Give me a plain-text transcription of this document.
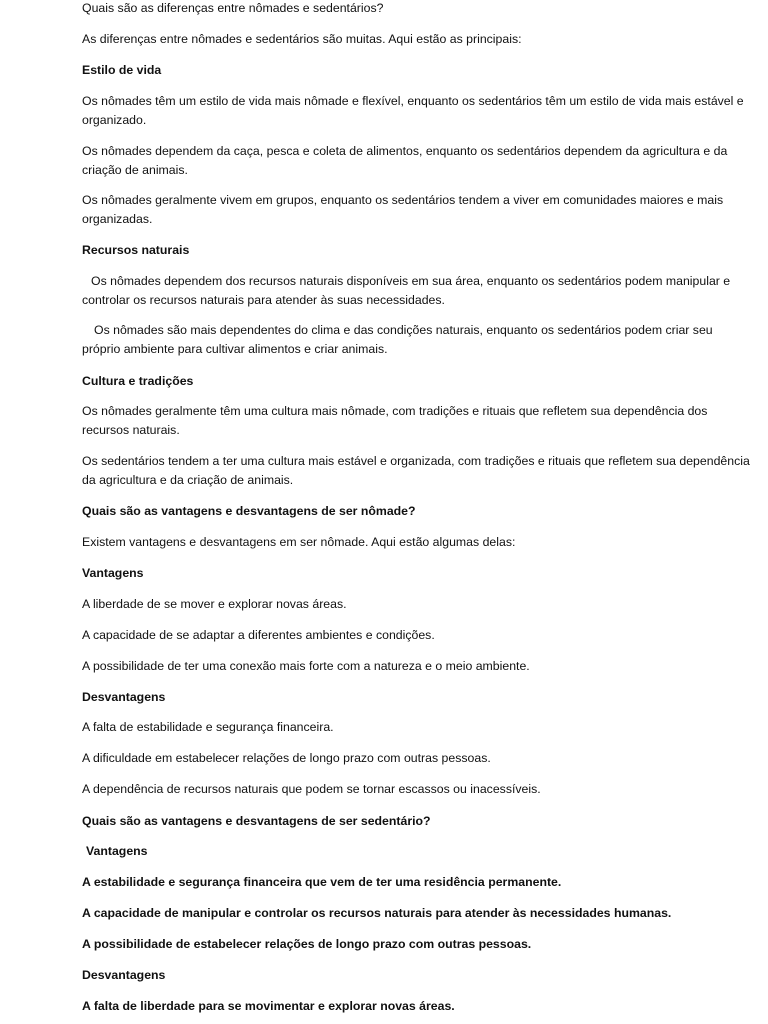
Quais são as diferenças entre nômades e sedentários?

As diferenças entre nômades e sedentários são muitas. Aqui estão as principais:

Estilo de vida

Os nômades têm um estilo de vida mais nômade e flexível, enquanto os sedentários têm um estilo de vida mais estável e organizado.

Os nômades dependem da caça, pesca e coleta de alimentos, enquanto os sedentários dependem da agricultura e da criação de animais.

Os nômades geralmente vivem em grupos, enquanto os sedentários tendem a viver em comunidades maiores e mais organizadas.

Recursos naturais

Os nômades dependem dos recursos naturais disponíveis em sua área, enquanto os sedentários podem manipular e controlar os recursos naturais para atender às suas necessidades.

Os nômades são mais dependentes do clima e das condições naturais, enquanto os sedentários podem criar seu próprio ambiente para cultivar alimentos e criar animais.

Cultura e tradições

Os nômades geralmente têm uma cultura mais nômade, com tradições e rituais que refletem sua dependência dos recursos naturais.

Os sedentários tendem a ter uma cultura mais estável e organizada, com tradições e rituais que refletem sua dependência da agricultura e da criação de animais.

Quais são as vantagens e desvantagens de ser nômade?

Existem vantagens e desvantagens em ser nômade. Aqui estão algumas delas:

Vantagens

A liberdade de se mover e explorar novas áreas.

A capacidade de se adaptar a diferentes ambientes e condições.

A possibilidade de ter uma conexão mais forte com a natureza e o meio ambiente.

Desvantagens

A falta de estabilidade e segurança financeira.

A dificuldade em estabelecer relações de longo prazo com outras pessoas.

A dependência de recursos naturais que podem se tornar escassos ou inacessíveis.

Quais são as vantagens e desvantagens de ser sedentário?

Vantagens

A estabilidade e segurança financeira que vem de ter uma residência permanente.

A capacidade de manipular e controlar os recursos naturais para atender às necessidades humanas.

A possibilidade de estabelecer relações de longo prazo com outras pessoas.

Desvantagens

A falta de liberdade para se movimentar e explorar novas áreas.
